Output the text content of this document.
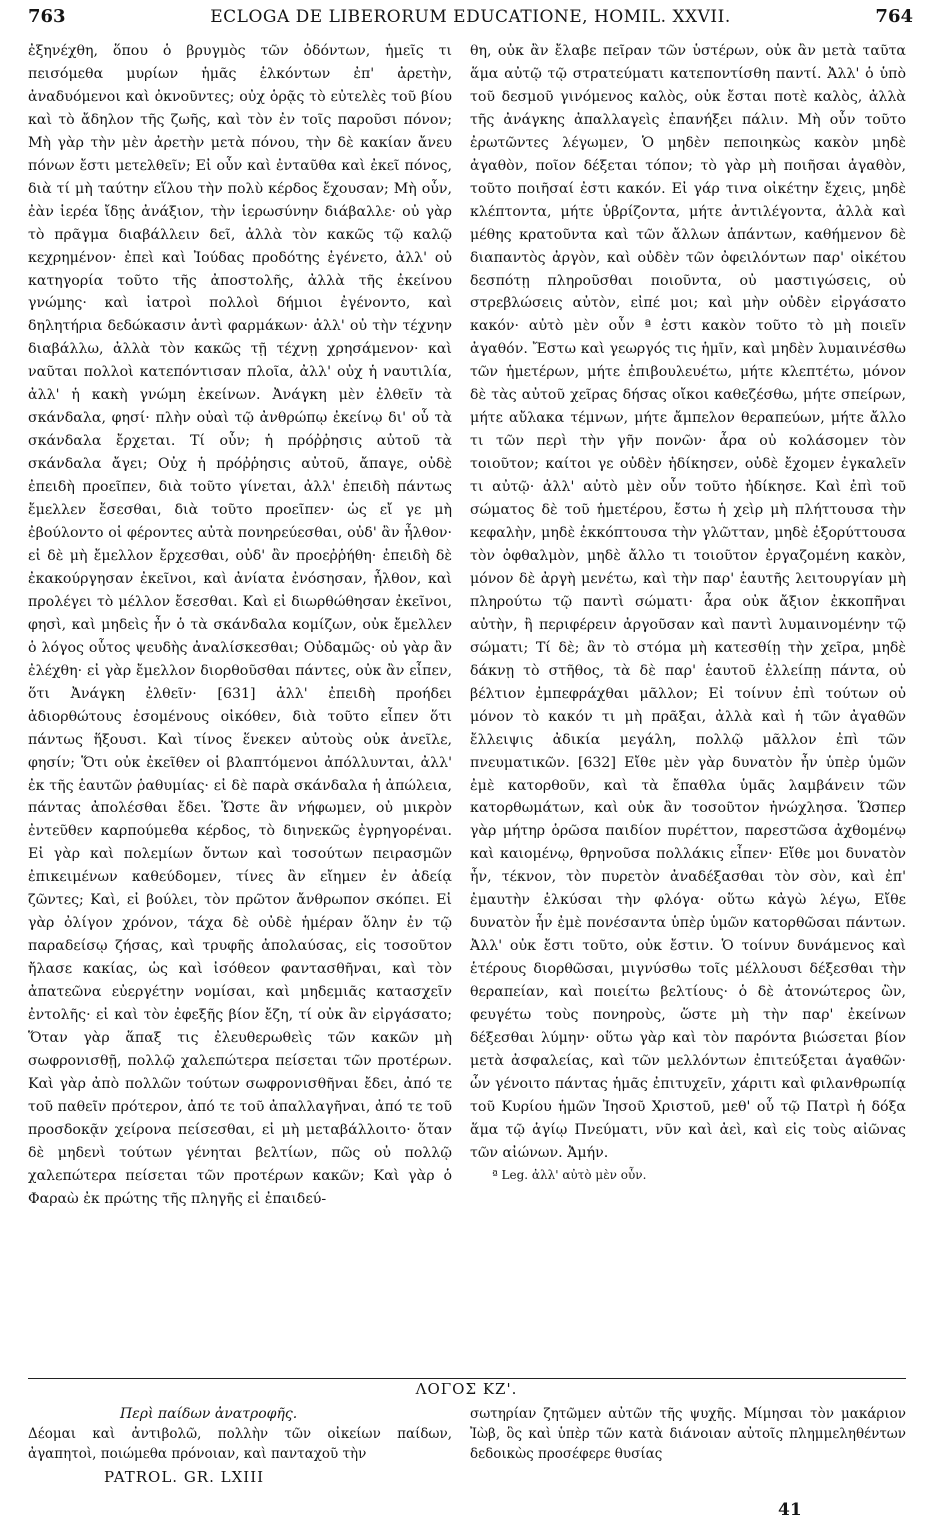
763	ECLOGA DE LIBERORUM EDUCATIONE, HOMIL. XXVII.	764

ἐξηνέχθη, ὅπου ὁ βρυγμὸς τῶν ὀδόντων, ἡμεῖς τι πεισόμεθα μυρίων ἡμᾶς ἑλκόντων ἐπ' ἀρετὴν, ἀναδυόμενοι καὶ ὀκνοῦντες; οὐχ ὁρᾷς τὸ εὐτελὲς τοῦ βίου καὶ τὸ ἄδηλον τῆς ζωῆς, καὶ τὸν ἐν τοῖς παροῦσι πόνον; Μὴ γὰρ τὴν μὲν ἀρετὴν μετὰ πόνου, τὴν δὲ κακίαν ἄνευ πόνων ἔστι μετελθεῖν; Εἰ οὖν καὶ ἐνταῦθα καὶ ἐκεῖ πόνος, διὰ τί μὴ ταύτην εἵλου τὴν πολὺ κέρδος ἔχουσαν; Μὴ οὖν, ἐὰν ἱερέα ἴδῃς ἀνάξιον, τὴν ἱερωσύνην διάβαλλε· οὐ γὰρ τὸ πρᾶγμα διαβάλλειν δεῖ, ἀλλὰ τὸν κακῶς τῷ καλῷ κεχρημένον· ἐπεὶ καὶ Ἰούδας προδότης ἐγένετο, ἀλλ' οὐ κατηγορία τοῦτο τῆς ἀποστολῆς, ἀλλὰ τῆς ἐκείνου γνώμης· καὶ ἰατροὶ πολλοὶ δήμιοι ἐγένοντο, καὶ δηλητήρια δεδώκασιν ἀντὶ φαρμάκων· ἀλλ' οὐ τὴν τέχνην διαβάλλω, ἀλλὰ τὸν κακῶς τῇ τέχνῃ χρησάμενον· καὶ ναῦται πολλοὶ κατεπόντισαν πλοῖα, ἀλλ' οὐχ ἡ ναυτιλία, ἀλλ' ἡ κακὴ γνώμη ἐκείνων. Ἀνάγκη μὲν ἐλθεῖν τὰ σκάνδαλα, φησί· πλὴν οὐαὶ τῷ ἀνθρώπῳ ἐκείνῳ δι' οὗ τὰ σκάνδαλα ἔρχεται. Τί οὖν; ἡ πρόῤῥησις αὐτοῦ τὰ σκάνδαλα ἄγει; Οὐχ ἡ πρόῤῥησις αὐτοῦ, ἄπαγε, οὐδὲ ἐπειδὴ προεῖπεν, διὰ τοῦτο γίνεται, ἀλλ' ἐπειδὴ πάντως ἔμελλεν ἔσεσθαι, διὰ τοῦτο προεῖπεν· ὡς εἴ γε μὴ ἐβούλοντο οἱ φέροντες αὐτὰ πονηρεύεσθαι, οὐδ' ἂν ἦλθον· εἰ δὲ μὴ ἔμελλον ἔρχεσθαι, οὐδ' ἂν προεῤῥήθη· ἐπειδὴ δὲ ἐκακούργησαν ἐκεῖνοι, καὶ ἀνίατα ἐνόσησαν, ἦλθον, καὶ προλέγει τὸ μέλλον ἔσεσθαι. Καὶ εἰ διωρθώθησαν ἐκεῖνοι, φησὶ, καὶ μηδεὶς ἦν ὁ τὰ σκάνδαλα κομίζων, οὐκ ἔμελλεν ὁ λόγος οὗτος ψευδὴς ἀναλίσκεσθαι; Οὐδαμῶς· οὐ γὰρ ἂν ἐλέχθη· εἰ γὰρ ἔμελλον διορθοῦσθαι πάντες, οὐκ ἂν εἶπεν, ὅτι Ἀνάγκη ἐλθεῖν· [631] ἀλλ' ἐπειδὴ προήδει ἀδιορθώτους ἐσομένους οἰκόθεν, διὰ τοῦτο εἶπεν ὅτι πάντως ἥξουσι. Καὶ τίνος ἕνεκεν αὐτοὺς οὐκ ἀνεῖλε, φησίν; Ὅτι οὐκ ἐκεῖθεν οἱ βλαπτόμενοι ἀπόλλυνται, ἀλλ' ἐκ τῆς ἑαυτῶν ῥαθυμίας· εἰ δὲ παρὰ σκάνδαλα ἡ ἀπώλεια, πάντας ἀπολέσθαι ἔδει. Ὥστε ἂν νήφωμεν, οὐ μικρὸν ἐντεῦθεν καρπούμεθα κέρδος, τὸ διηνεκῶς ἐγρηγορέναι. Εἰ γὰρ καὶ πολεμίων ὄντων καὶ τοσούτων πειρασμῶν ἐπικειμένων καθεύδομεν, τίνες ἂν εἴημεν ἐν ἀδείᾳ ζῶντες; Καὶ, εἰ βούλει, τὸν πρῶτον ἄνθρωπον σκόπει. Εἰ γὰρ ὀλίγον χρόνον, τάχα δὲ οὐδὲ ἡμέραν ὅλην ἐν τῷ παραδείσῳ ζήσας, καὶ τρυφῆς ἀπολαύσας, εἰς τοσοῦτον ἤλασε κακίας, ὡς καὶ ἰσόθεον φαντασθῆναι, καὶ τὸν ἀπατεῶνα εὐεργέτην νομίσαι, καὶ μηδεμιᾶς κατασχεῖν ἐντολῆς· εἰ καὶ τὸν ἐφεξῆς βίον ἔζη, τί οὐκ ἂν εἰργάσατο; Ὅταν γὰρ ἅπαξ τις ἐλευθερωθεὶς τῶν κακῶν μὴ σωφρονισθῇ, πολλῷ χαλεπώτερα πείσεται τῶν προτέρων. Καὶ γὰρ ἀπὸ πολλῶν τούτων σωφρονισθῆναι ἔδει, ἀπό τε τοῦ παθεῖν πρότερον, ἀπό τε τοῦ ἀπαλλαγῆναι, ἀπό τε τοῦ προσδοκᾷν χείρονα πείσεσθαι, εἰ μὴ μεταβάλλοιτο· ὅταν δὲ μηδενὶ τούτων γένηται βελτίων, πῶς οὐ πολλῷ χαλεπώτερα πείσεται τῶν προτέρων κακῶν; Καὶ γὰρ ὁ Φαραὼ ἐκ πρώτης τῆς πληγῆς εἰ ἐπαιδεύ-

θη, οὐκ ἂν ἔλαβε πεῖραν τῶν ὑστέρων, οὐκ ἂν μετὰ ταῦτα ἅμα αὐτῷ τῷ στρατεύματι κατεποντίσθη παντί. Ἀλλ' ὁ ὑπὸ τοῦ δεσμοῦ γινόμενος καλὸς, οὐκ ἔσται ποτὲ καλὸς, ἀλλὰ τῆς ἀνάγκης ἀπαλλαγεὶς ἐπανήξει πάλιν. Μὴ οὖν τοῦτο ἐρωτῶντες λέγωμεν, Ὁ μηδὲν πεποιηκὼς κακὸν μηδὲ ἀγαθὸν, ποῖον δέξεται τόπον; τὸ γὰρ μὴ ποιῆσαι ἀγαθὸν, τοῦτο ποιῆσαί ἐστι κακόν. Εἰ γάρ τινα οἰκέτην ἔχεις, μηδὲ κλέπτοντα, μήτε ὑβρίζοντα, μήτε ἀντιλέγοντα, ἀλλὰ καὶ μέθης κρατοῦντα καὶ τῶν ἄλλων ἁπάντων, καθήμενον δὲ διαπαντὸς ἀργὸν, καὶ οὐδὲν τῶν ὀφειλόντων παρ' οἰκέτου δεσπότῃ πληροῦσθαι ποιοῦντα, οὐ μαστιγώσεις, οὐ στρεβλώσεις αὐτὸν, εἰπέ μοι; καὶ μὴν οὐδὲν εἰργάσατο κακόν· αὐτὸ μὲν οὖν ª ἐστι κακὸν τοῦτο τὸ μὴ ποιεῖν ἀγαθόν. Ἔστω καὶ γεωργός τις ἡμῖν, καὶ μηδὲν λυμαινέσθω τῶν ἡμετέρων, μήτε ἐπιβουλευέτω, μήτε κλεπτέτω, μόνον δὲ τὰς αὐτοῦ χεῖρας δήσας οἴκοι καθεζέσθω, μήτε σπείρων, μήτε αὔλακα τέμνων, μήτε ἄμπελον θεραπεύων, μήτε ἄλλο τι τῶν περὶ τὴν γῆν πονῶν· ἆρα οὐ κολάσομεν τὸν τοιοῦτον; καίτοι γε οὐδὲν ἠδίκησεν, οὐδὲ ἔχομεν ἐγκαλεῖν τι αὐτῷ· ἀλλ' αὐτὸ μὲν οὖν τοῦτο ἠδίκησε. Καὶ ἐπὶ τοῦ σώματος δὲ τοῦ ἡμετέρου, ἔστω ἡ χεὶρ μὴ πλήττουσα τὴν κεφαλὴν, μηδὲ ἐκκόπτουσα τὴν γλῶτταν, μηδὲ ἐξορύττουσα τὸν ὀφθαλμὸν, μηδὲ ἄλλο τι τοιοῦτον ἐργαζομένη κακὸν, μόνον δὲ ἀργὴ μενέτω, καὶ τὴν παρ' ἑαυτῆς λειτουργίαν μὴ πληρούτω τῷ παντὶ σώματι· ἆρα οὐκ ἄξιον ἐκκοπῆναι αὐτὴν, ἢ περιφέρειν ἀργοῦσαν καὶ παντὶ λυμαινομένην τῷ σώματι; Τί δὲ; ἂν τὸ στόμα μὴ κατεσθίῃ τὴν χεῖρα, μηδὲ δάκνῃ τὸ στῆθος, τὰ δὲ παρ' ἑαυτοῦ ἐλλείπῃ πάντα, οὐ βέλτιον ἐμπεφράχθαι μᾶλλον; Εἰ τοίνυν ἐπὶ τούτων οὐ μόνον τὸ κακόν τι μὴ πρᾶξαι, ἀλλὰ καὶ ἡ τῶν ἀγαθῶν ἔλλειψις ἀδικία μεγάλη, πολλῷ μᾶλλον ἐπὶ τῶν πνευματικῶν. [632] Εἴθε μὲν γὰρ δυνατὸν ἦν ὑπὲρ ὑμῶν ἐμὲ κατορθοῦν, καὶ τὰ ἔπαθλα ὑμᾶς λαμβάνειν τῶν κατορθωμάτων, καὶ οὐκ ἂν τοσοῦτον ἠνώχλησα. Ὥσπερ γὰρ μήτηρ ὁρῶσα παιδίον πυρέττον, παρεστῶσα ἀχθομένῳ καὶ καιομένῳ, θρηνοῦσα πολλάκις εἶπεν· Εἴθε μοι δυνατὸν ἦν, τέκνον, τὸν πυρετὸν ἀναδέξασθαι τὸν σὸν, καὶ ἐπ' ἐμαυτὴν ἑλκύσαι τὴν φλόγα· οὕτω κἀγὼ λέγω, Εἴθε δυνατὸν ἦν ἐμὲ πονέσαντα ὑπὲρ ὑμῶν κατορθῶσαι πάντων. Ἀλλ' οὐκ ἔστι τοῦτο, οὐκ ἔστιν. Ὁ τοίνυν δυνάμενος καὶ ἑτέρους διορθῶσαι, μιγνύσθω τοῖς μέλλουσι δέξεσθαι τὴν θεραπείαν, καὶ ποιείτω βελτίους· ὁ δὲ ἀτονώτερος ὢν, φευγέτω τοὺς πονηροὺς, ὥστε μὴ τὴν παρ' ἐκείνων δέξεσθαι λύμην· οὕτω γὰρ καὶ τὸν παρόντα βιώσεται βίον μετὰ ἀσφαλείας, καὶ τῶν μελλόντων ἐπιτεύξεται ἀγαθῶν· ὧν γένοιτο πάντας ἡμᾶς ἐπιτυχεῖν, χάριτι καὶ φιλανθρωπίᾳ τοῦ Κυρίου ἡμῶν Ἰησοῦ Χριστοῦ, μεθ' οὗ τῷ Πατρὶ ἡ δόξα ἅμα τῷ ἁγίῳ Πνεύματι, νῦν καὶ ἀεὶ, καὶ εἰς τοὺς αἰῶνας τῶν αἰώνων. Ἀμήν.

ª Leg. ἀλλ' αὐτὸ μὲν οὖν.
ΛΟΓΟΣ ΚΖ'.
Περὶ παίδων ἀνατροφῆς.

Δέομαι καὶ ἀντιβολῶ, πολλὴν τῶν οἰκείων παίδων, ἀγαπητοὶ, ποιώμεθα πρόνοιαν, καὶ πανταχοῦ τὴν

σωτηρίαν ζητῶμεν αὐτῶν τῆς ψυχῆς. Μίμησαι τὸν μακάριον Ἰὼβ, ὃς καὶ ὑπὲρ τῶν κατὰ διάνοιαν αὐτοῖς πλημμεληθέντων δεδοικὼς προσέφερε θυσίας

PATROL. GR. LXIII
41
